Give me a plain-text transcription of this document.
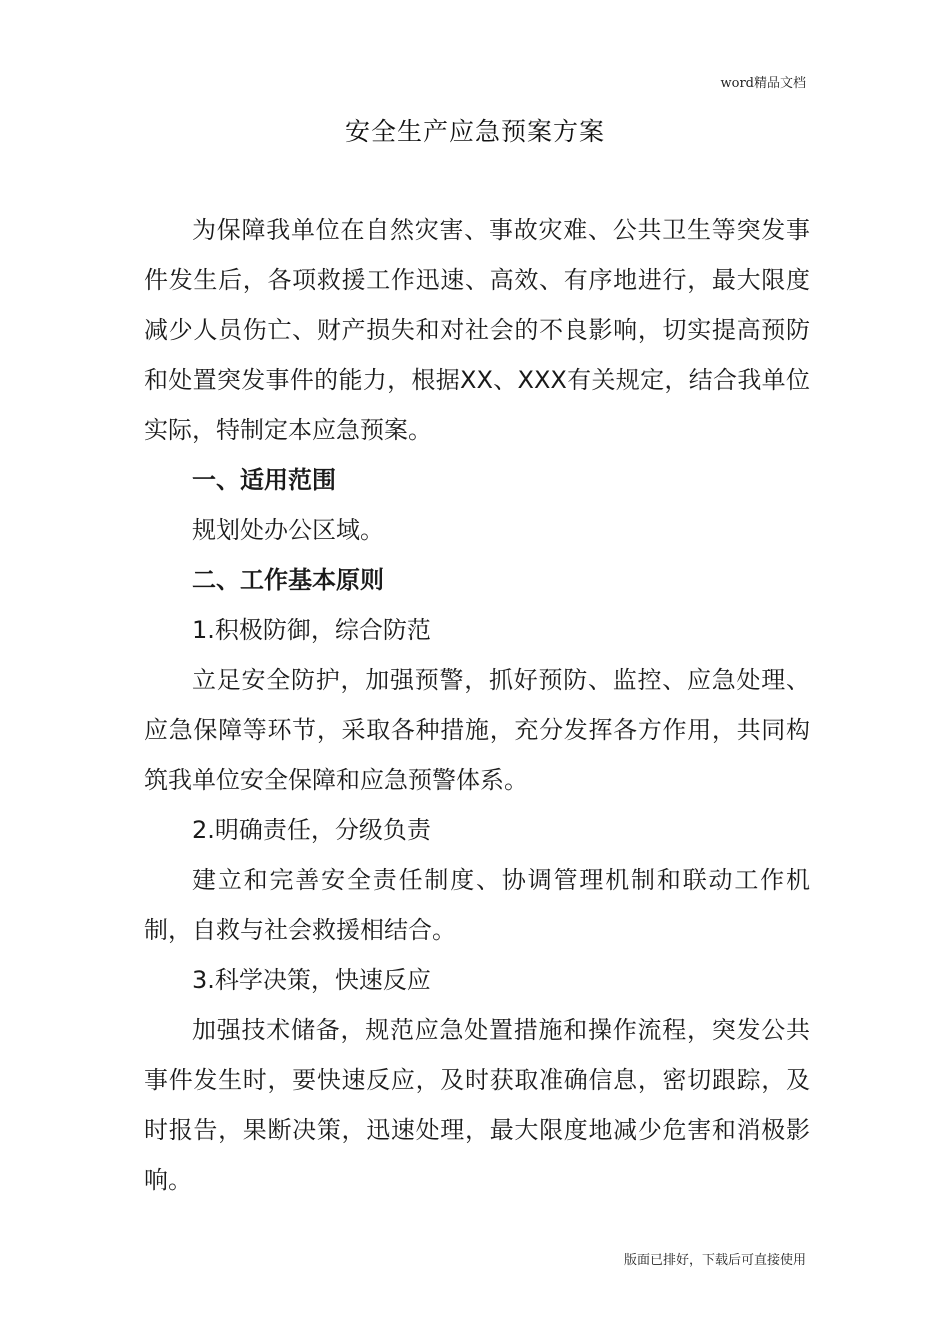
word精品文档
安全生产应急预案方案

为保障我单位在自然灾害、事故灾难、公共卫生等突发事件发生后，各项救援工作迅速、高效、有序地进行，最大限度减少人员伤亡、财产损失和对社会的不良影响，切实提高预防和处置突发事件的能力，根据XX、XXX有关规定，结合我单位实际，特制定本应急预案。

一、适用范围

规划处办公区域。

二、工作基本原则

1.积极防御，综合防范

立足安全防护，加强预警，抓好预防、监控、应急处理、应急保障等环节，采取各种措施，充分发挥各方作用，共同构筑我单位安全保障和应急预警体系。

2.明确责任，分级负责

建立和完善安全责任制度、协调管理机制和联动工作机制，自救与社会救援相结合。

3.科学决策，快速反应

加强技术储备，规范应急处置措施和操作流程，突发公共事件发生时，要快速反应，及时获取准确信息，密切跟踪，及时报告，果断决策，迅速处理，最大限度地减少危害和消极影响。

版面已排好，下载后可直接使用
